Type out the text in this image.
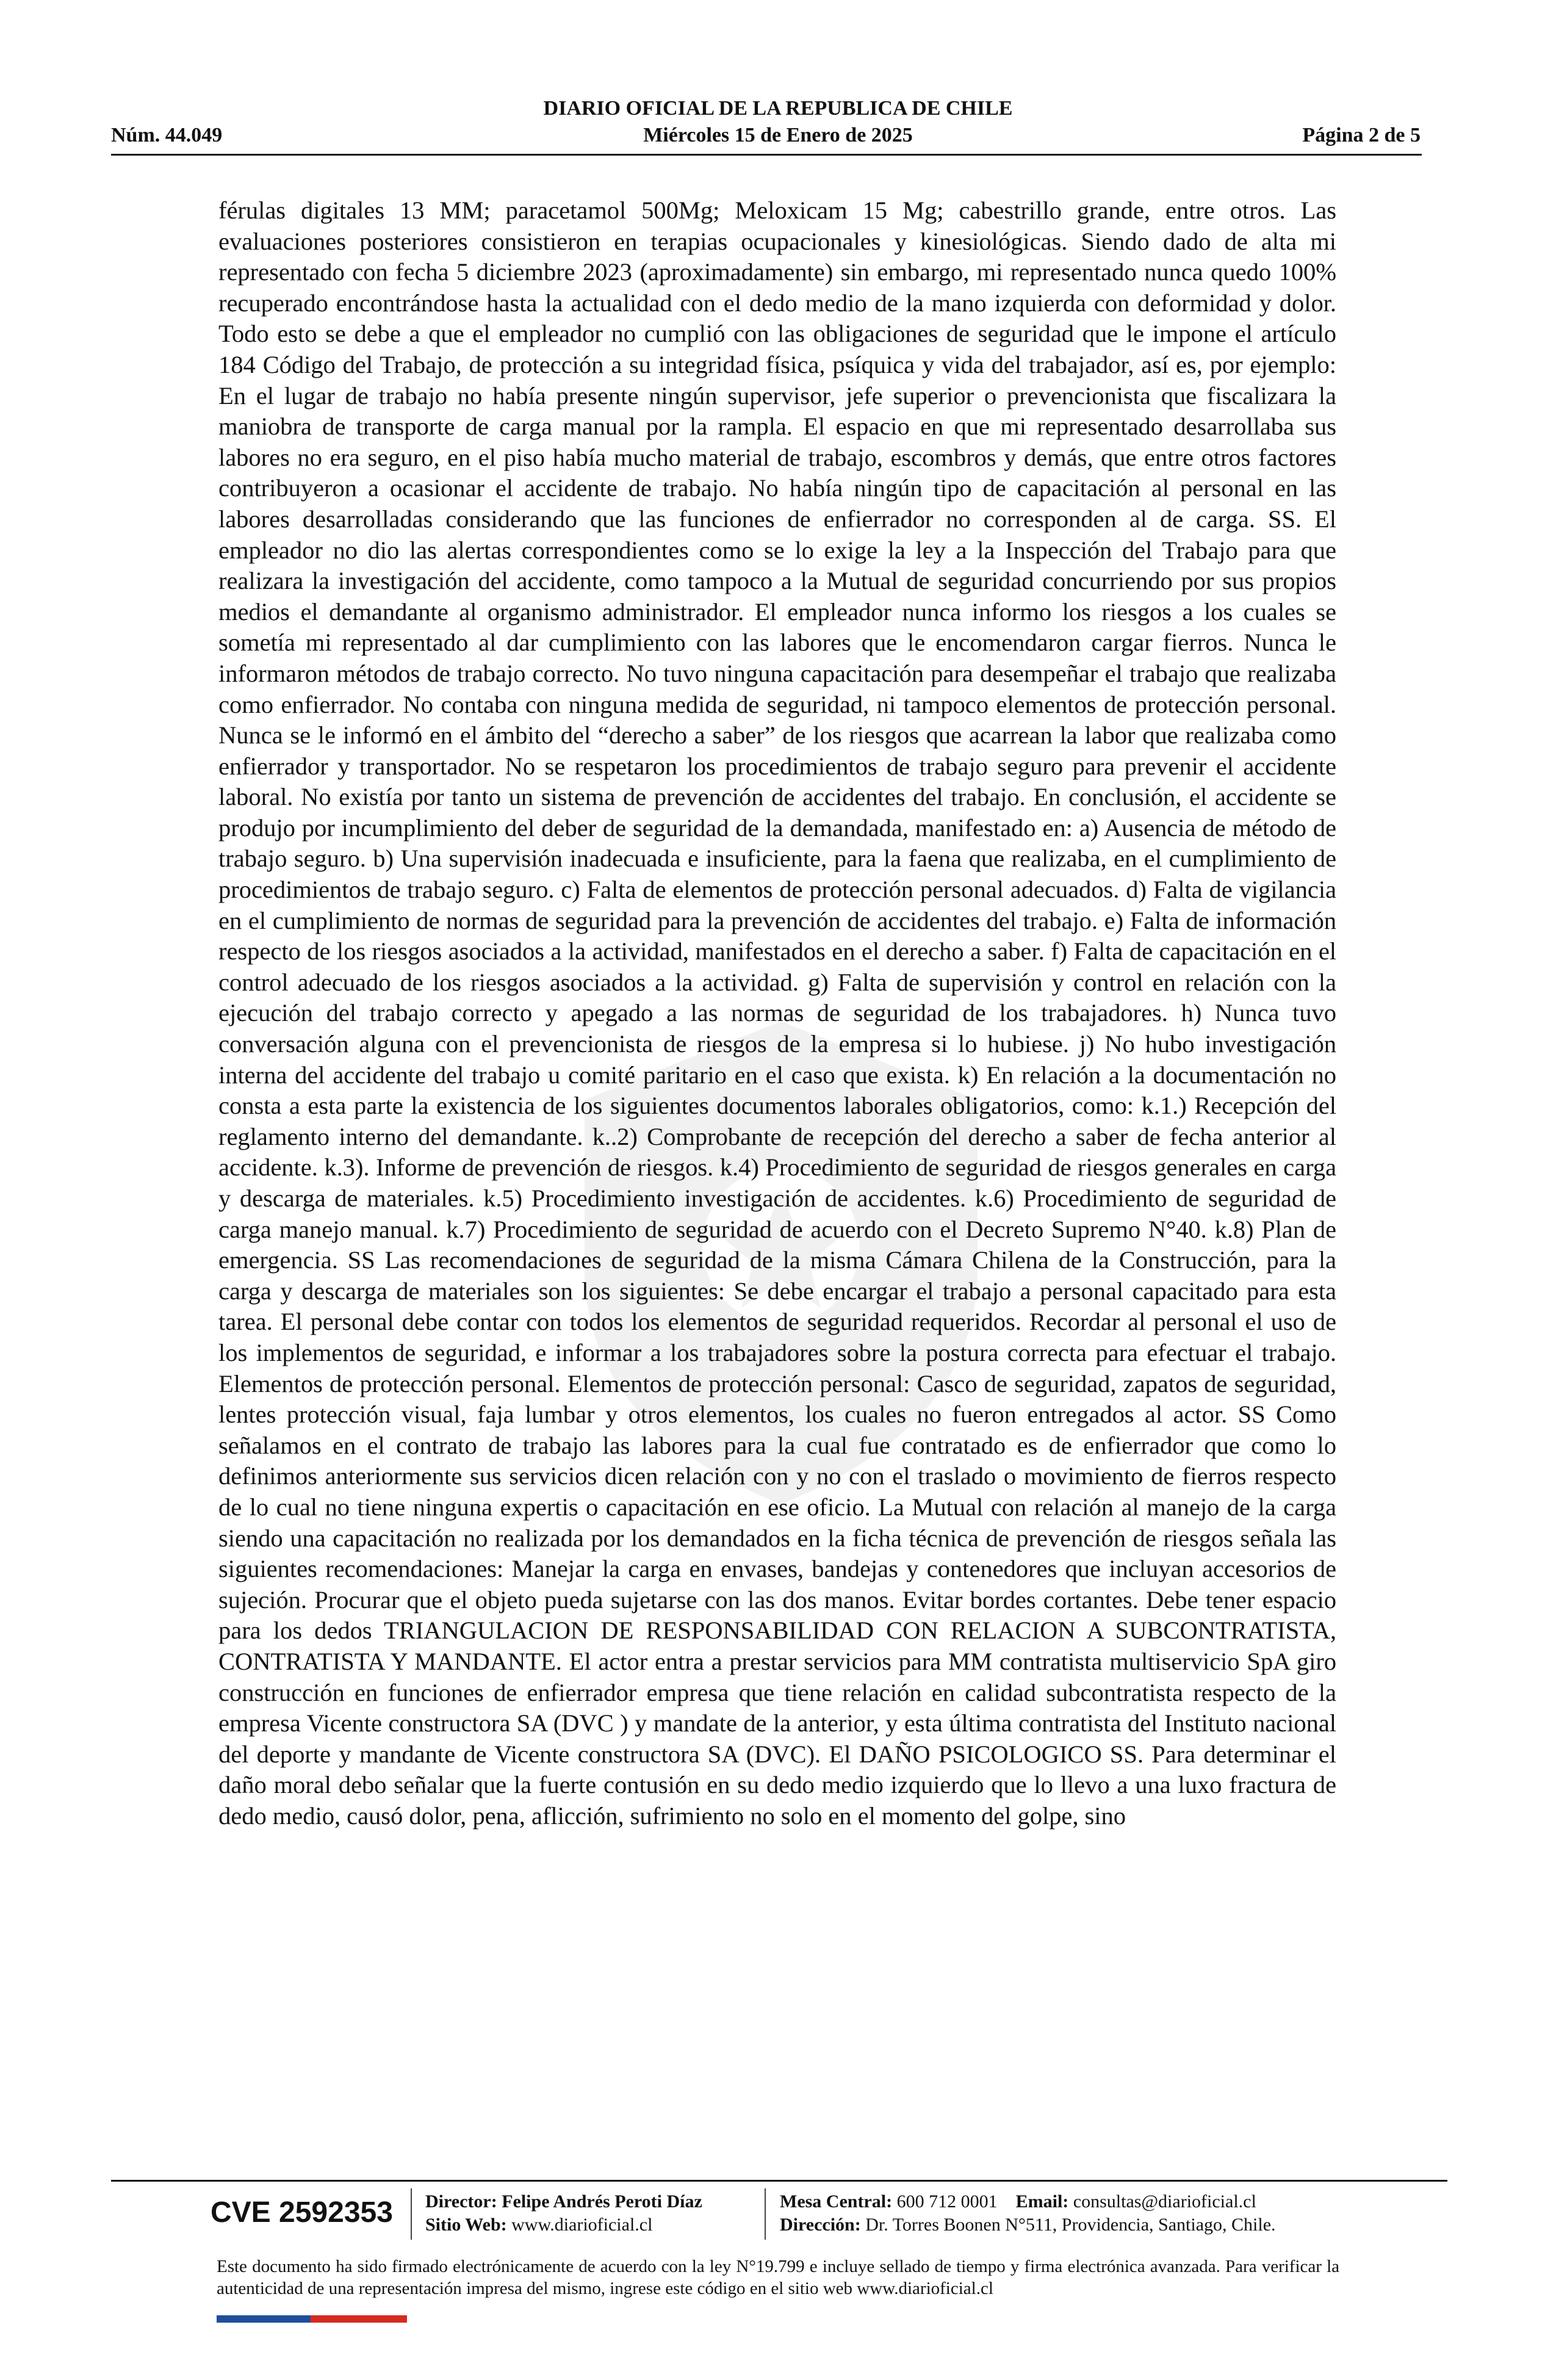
DIARIO OFICIAL DE LA REPUBLICA DE CHILE
Miércoles 15 de Enero de 2025
Núm. 44.049	Página 2 de 5

férulas digitales 13 MM; paracetamol 500Mg; Meloxicam 15 Mg; cabestrillo grande, entre otros. Las evaluaciones posteriores consistieron en terapias ocupacionales y kinesiológicas. Siendo dado de alta mi representado con fecha 5 diciembre 2023 (aproximadamente) sin embargo, mi representado nunca quedo 100% recuperado encontrándose hasta la actualidad con el dedo medio de la mano izquierda con deformidad y dolor. Todo esto se debe a que el empleador no cumplió con las obligaciones de seguridad que le impone el artículo 184 Código del Trabajo, de protección a su integridad física, psíquica y vida del trabajador, así es, por ejemplo: En el lugar de trabajo no había presente ningún supervisor, jefe superior o prevencionista que fiscalizara la maniobra de transporte de carga manual por la rampla. El espacio en que mi representado desarrollaba sus labores no era seguro, en el piso había mucho material de trabajo, escombros y demás, que entre otros factores contribuyeron a ocasionar el accidente de trabajo. No había ningún tipo de capacitación al personal en las labores desarrolladas considerando que las funciones de enfierrador no corresponden al de carga. SS. El empleador no dio las alertas correspondientes como se lo exige la ley a la Inspección del Trabajo para que realizara la investigación del accidente, como tampoco a la Mutual de seguridad concurriendo por sus propios medios el demandante al organismo administrador. El empleador nunca informo los riesgos a los cuales se sometía mi representado al dar cumplimiento con las labores que le encomendaron cargar fierros. Nunca le informaron métodos de trabajo correcto. No tuvo ninguna capacitación para desempeñar el trabajo que realizaba como enfierrador. No contaba con ninguna medida de seguridad, ni tampoco elementos de protección personal. Nunca se le informó en el ámbito del “derecho a saber” de los riesgos que acarrean la labor que realizaba como enfierrador y transportador. No se respetaron los procedimientos de trabajo seguro para prevenir el accidente laboral. No existía por tanto un sistema de prevención de accidentes del trabajo. En conclusión, el accidente se produjo por incumplimiento del deber de seguridad de la demandada, manifestado en: a) Ausencia de método de trabajo seguro. b) Una supervisión inadecuada e insuficiente, para la faena que realizaba, en el cumplimiento de procedimientos de trabajo seguro. c) Falta de elementos de protección personal adecuados. d) Falta de vigilancia en el cumplimiento de normas de seguridad para la prevención de accidentes del trabajo. e) Falta de información respecto de los riesgos asociados a la actividad, manifestados en el derecho a saber. f) Falta de capacitación en el control adecuado de los riesgos asociados a la actividad. g) Falta de supervisión y control en relación con la ejecución del trabajo correcto y apegado a las normas de seguridad de los trabajadores. h) Nunca tuvo conversación alguna con el prevencionista de riesgos de la empresa si lo hubiese. j) No hubo investigación interna del accidente del trabajo u comité paritario en el caso que exista. k) En relación a la documentación no consta a esta parte la existencia de los siguientes documentos laborales obligatorios, como: k.1.) Recepción del reglamento interno del demandante. k..2) Comprobante de recepción del derecho a saber de fecha anterior al accidente. k.3). Informe de prevención de riesgos. k.4) Procedimiento de seguridad de riesgos generales en carga y descarga de materiales. k.5) Procedimiento investigación de accidentes. k.6) Procedimiento de seguridad de carga manejo manual. k.7) Procedimiento de seguridad de acuerdo con el Decreto Supremo N°40. k.8) Plan de emergencia. SS Las recomendaciones de seguridad de la misma Cámara Chilena de la Construcción, para la carga y descarga de materiales son los siguientes: Se debe encargar el trabajo a personal capacitado para esta tarea. El personal debe contar con todos los elementos de seguridad requeridos. Recordar al personal el uso de los implementos de seguridad, e informar a los trabajadores sobre la postura correcta para efectuar el trabajo. Elementos de protección personal. Elementos de protección personal: Casco de seguridad, zapatos de seguridad, lentes protección visual, faja lumbar y otros elementos, los cuales no fueron entregados al actor. SS Como señalamos en el contrato de trabajo las labores para la cual fue contratado es de enfierrador que como lo definimos anteriormente sus servicios dicen relación con y no con el traslado o movimiento de fierros respecto de lo cual no tiene ninguna expertis o capacitación en ese oficio. La Mutual con relación al manejo de la carga siendo una capacitación no realizada por los demandados en la ficha técnica de prevención de riesgos señala las siguientes recomendaciones: Manejar la carga en envases, bandejas y contenedores que incluyan accesorios de sujeción. Procurar que el objeto pueda sujetarse con las dos manos. Evitar bordes cortantes. Debe tener espacio para los dedos TRIANGULACION DE RESPONSABILIDAD CON RELACION A SUBCONTRATISTA, CONTRATISTA Y MANDANTE. El actor entra a prestar servicios para MM contratista multiservicio SpA giro construcción en funciones de enfierrador empresa que tiene relación en calidad subcontratista respecto de la empresa Vicente constructora SA (DVC ) y mandate de la anterior, y esta última contratista del Instituto nacional del deporte y mandante de Vicente constructora SA (DVC). El DAÑO PSICOLOGICO SS. Para determinar el daño moral debo señalar que la fuerte contusión en su dedo medio izquierdo que lo llevo a una luxo fractura de dedo medio, causó dolor, pena, aflicción, sufrimiento no solo en el momento del golpe, sino

CVE 2592353	Director: Felipe Andrés Peroti Díaz
Sitio Web: www.diarioficial.cl
Mesa Central: 600 712 0001 Email: consultas@diarioficial.cl
Dirección: Dr. Torres Boonen N°511, Providencia, Santiago, Chile.

Este documento ha sido firmado electrónicamente de acuerdo con la ley N°19.799 e incluye sellado de tiempo y firma electrónica avanzada. Para verificar la autenticidad de una representación impresa del mismo, ingrese este código en el sitio web www.diarioficial.cl
